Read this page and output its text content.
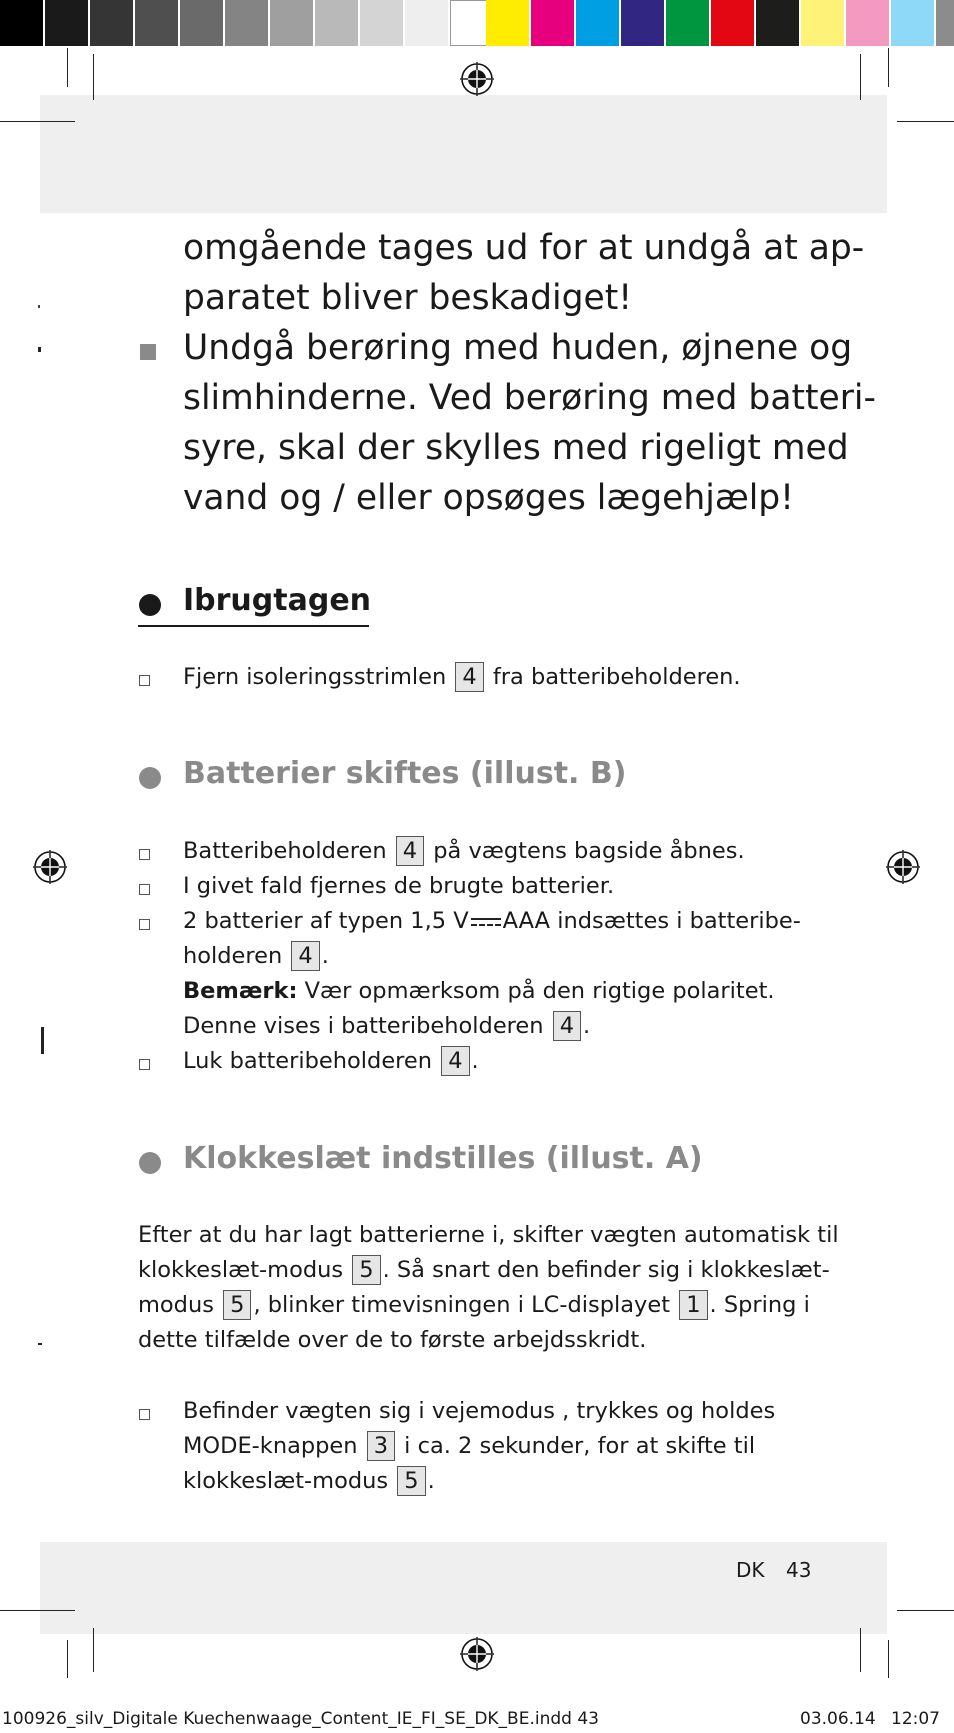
omgående tages ud for at undgå at ap-
paratet bliver beskadiget!
Undgå berøring med huden, øjnene og
slimhinderne. Ved berøring med batteri-
syre, skal der skylles med rigeligt med
vand og / eller opsøges lægehjælp!
Ibrugtagen
Fjern isoleringsstrimlen 4 fra batteribeholderen.
Batterier skiftes (illust. B)
Batteribeholderen 4 på vægtens bagside åbnes.
I givet fald fjernes de brugte batterier.
2 batterier af typen 1,5 V AAA indsættes i batteribe-
holderen 4 .
Bemærk: Vær opmærksom på den rigtige polaritet.
Denne vises i batteribeholderen 4 .
Luk batteribeholderen 4 .
Klokkeslæt indstilles (illust. A)
Efter at du har lagt batterierne i, skifter vægten automatisk til
klokkeslæt-modus 5 . Så snart den befinder sig i klokkeslæt-
modus 5 , blinker timevisningen i LC-displayet 1 . Spring i
dette tilfælde over de to første arbejdsskridt.
Befinder vægten sig i vejemodus , trykkes og holdes
MODE-knappen 3 i ca. 2 sekunder, for at skifte til
klokkeslæt-modus 5 .
DK 43
100926_silv_Digitale Kuechenwaage_Content_IE_FI_SE_DK_BE.indd 43	03.06.14 12:07
